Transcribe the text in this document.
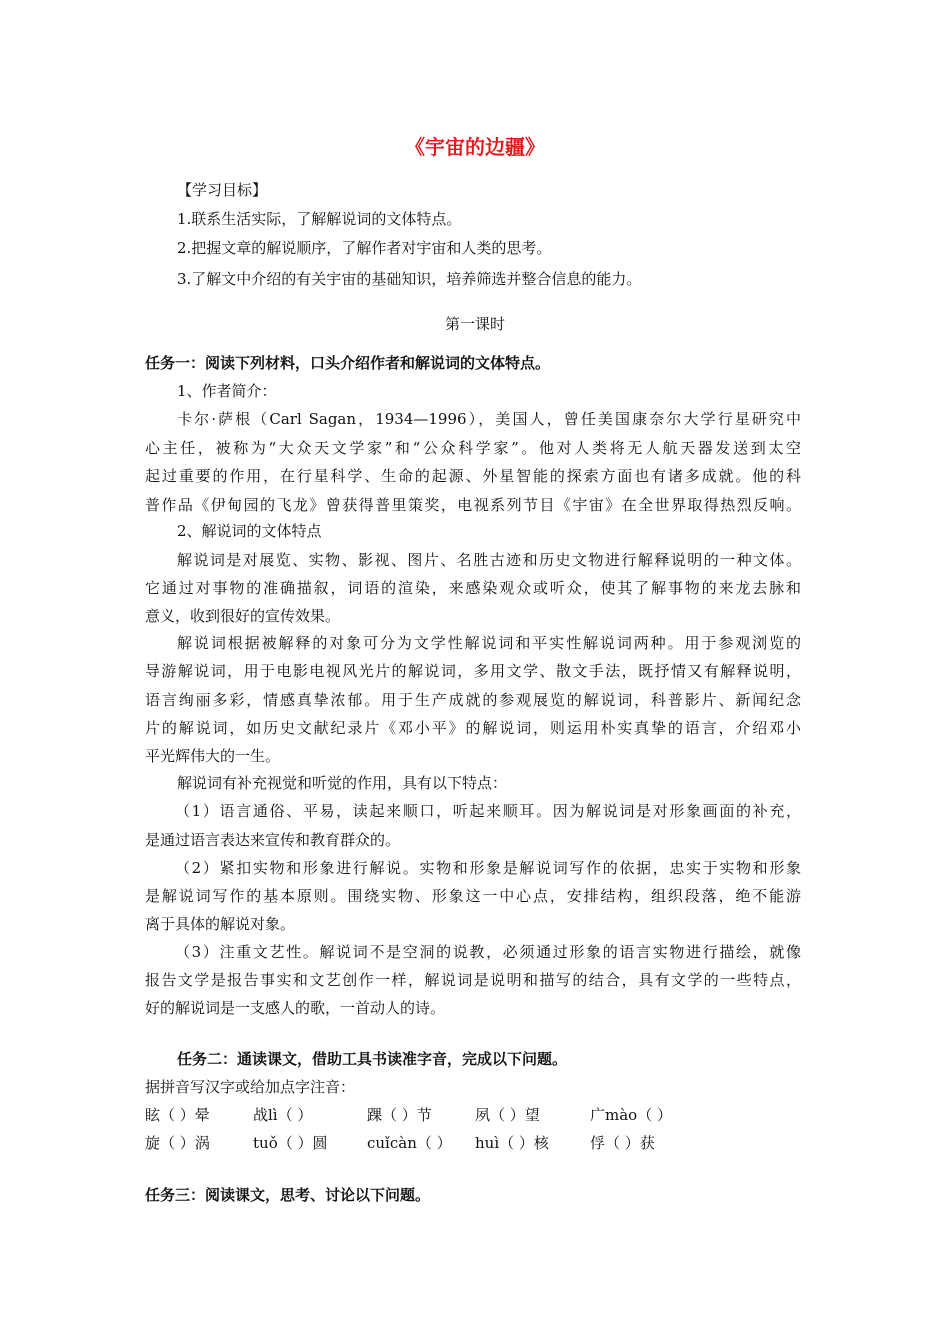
《宇宙的边疆》
【学习目标】
1.联系生活实际，了解解说词的文体特点。
2.把握文章的解说顺序，了解作者对宇宙和人类的思考。
3.了解文中介绍的有关宇宙的基础知识，培养筛选并整合信息的能力。
第一课时
任务一：阅读下列材料，口头介绍作者和解说词的文体特点。
1、作者简介：
卡尔·萨根（Carl Sagan，1934—1996），美国人，曾任美国康奈尔大学行星研究中
心主任，被称为“大众天文学家”和“公众科学家”。他对人类将无人航天器发送到太空
起过重要的作用，在行星科学、生命的起源、外星智能的探索方面也有诸多成就。他的科
普作品《伊甸园的飞龙》曾获得普里策奖，电视系列节目《宇宙》在全世界取得热烈反响。
2、解说词的文体特点
解说词是对展览、实物、影视、图片、名胜古迹和历史文物进行解释说明的一种文体。
它通过对事物的准确描叙，词语的渲染，来感染观众或听众，使其了解事物的来龙去脉和
意义，收到很好的宣传效果。
解说词根据被解释的对象可分为文学性解说词和平实性解说词两种。用于参观浏览的
导游解说词，用于电影电视风光片的解说词，多用文学、散文手法，既抒情又有解释说明，
语言绚丽多彩，情感真挚浓郁。用于生产成就的参观展览的解说词，科普影片、新闻纪念
片的解说词，如历史文献纪录片《邓小平》的解说词，则运用朴实真挚的语言，介绍邓小
平光辉伟大的一生。
解说词有补充视觉和听觉的作用，具有以下特点：
（1）语言通俗、平易，读起来顺口，听起来顺耳。因为解说词是对形象画面的补充，
是通过语言表达来宣传和教育群众的。
（2）紧扣实物和形象进行解说。实物和形象是解说词写作的依据，忠实于实物和形象
是解说词写作的基本原则。围绕实物、形象这一中心点，安排结构，组织段落，绝不能游
离于具体的解说对象。
（3）注重文艺性。解说词不是空洞的说教，必须通过形象的语言实物进行描绘，就像
报告文学是报告事实和文艺创作一样，解说词是说明和描写的结合，具有文学的一些特点，
好的解说词是一支感人的歌，一首动人的诗。
任务二：通读课文，借助工具书读准字音，完成以下问题。
据拼音写汉字或给加点字注音：
眩（ ）晕	战lì（ ）	踝（ ）节	夙（ ）望	广mào（ ）
旋（ ）涡	tuǒ（ ）圆	cuǐcàn（ ） huì（ ）核	俘（ ）获
任务三：阅读课文，思考、讨论以下问题。
